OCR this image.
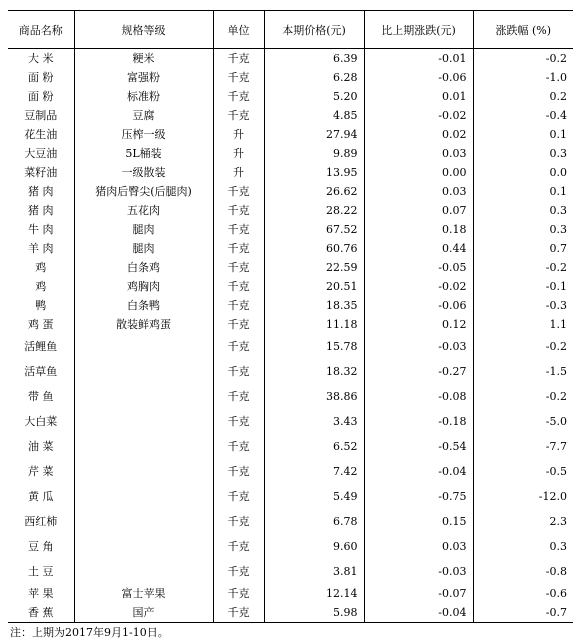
商品名称	规格等级	单位	本期价格(元)	比上期涨跌(元)	涨跌幅 (%)
大 米	粳米	千克	6.39	-0.01	-0.2
面 粉	富强粉	千克	6.28	-0.06	-1.0
面 粉	标准粉	千克	5.20	0.01	0.2
豆制品	豆腐	千克	4.85	-0.02	-0.4
花生油	压榨一级	升	27.94	0.02	0.1
大豆油	5L桶装	升	9.89	0.03	0.3
菜籽油	一级散装	升	13.95	0.00	0.0
猪 肉	猪肉后臀尖(后腿肉)	千克	26.62	0.03	0.1
猪 肉	五花肉	千克	28.22	0.07	0.3
牛 肉	腿肉	千克	67.52	0.18	0.3
羊 肉	腿肉	千克	60.76	0.44	0.7
鸡	白条鸡	千克	22.59	-0.05	-0.2
鸡	鸡胸肉	千克	20.51	-0.02	-0.1
鸭	白条鸭	千克	18.35	-0.06	-0.3
鸡 蛋	散装鲜鸡蛋	千克	11.18	0.12	1.1
活鲤鱼		千克	15.78	-0.03	-0.2
活草鱼		千克	18.32	-0.27	-1.5
带 鱼		千克	38.86	-0.08	-0.2
大白菜		千克	3.43	-0.18	-5.0
油 菜		千克	6.52	-0.54	-7.7
芹 菜		千克	7.42	-0.04	-0.5
黄 瓜		千克	5.49	-0.75	-12.0
西红柿		千克	6.78	0.15	2.3
豆 角		千克	9.60	0.03	0.3
土 豆		千克	3.81	-0.03	-0.8
苹 果	富士苹果	千克	12.14	-0.07	-0.6
香 蕉	国产	千克	5.98	-0.04	-0.7
注：上期为2017年9月1-10日。
